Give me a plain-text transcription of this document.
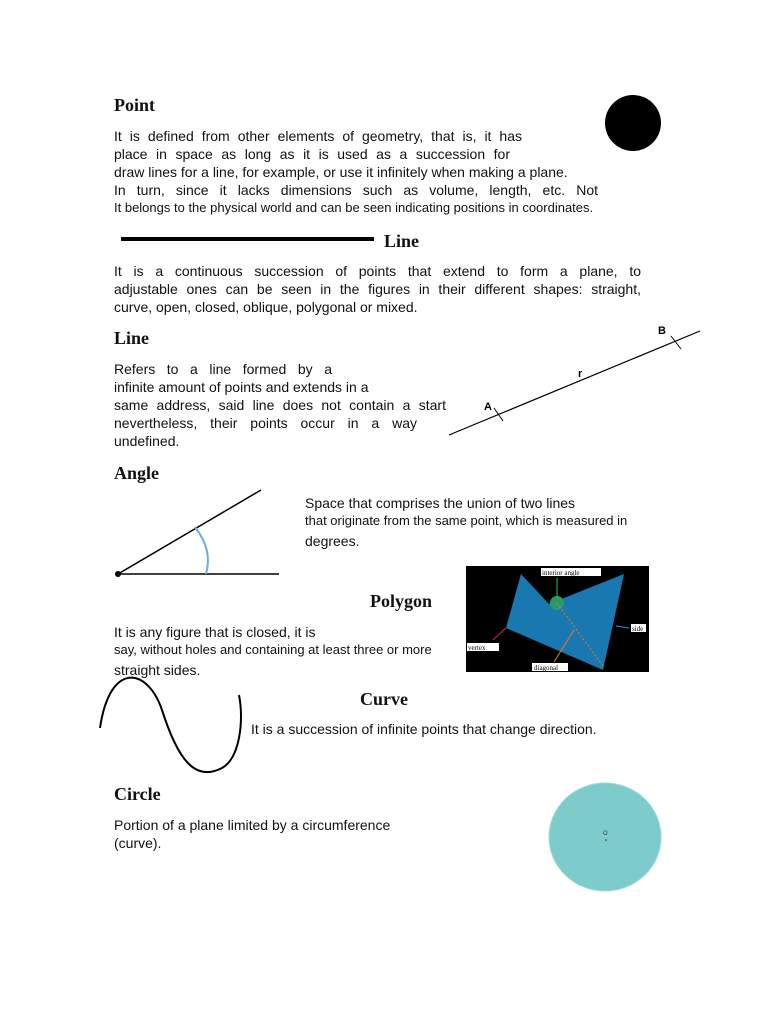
Point
It is defined from other elements of geometry, that is, it has
place in space as long as it is used as a succession for
draw lines for a line, for example, or use it infinitely when making a plane.
In turn, since it lacks dimensions such as volume, length, etc. Not
It belongs to the physical world and can be seen indicating positions in coordinates.
Line
It is a continuous succession of points that extend to form a plane, to
adjustable ones can be seen in the figures in their different shapes: straight,
curve, open, closed, oblique, polygonal or mixed.
Line
Refers to a line formed by a
infinite amount of points and extends in a
same address, said line does not contain a start
nevertheless, their points occur in a way
undefined.
A
B
r
Angle
Space that comprises the union of two lines
that originate from the same point, which is measured in
degrees.
Polygon
interior angle
side
vertex
diagonal
It is any figure that is closed, it is
say, without holes and containing at least three or more
straight sides.
Curve
It is a succession of infinite points that change direction.
Circle
Portion of a plane limited by a circumference
(curve).
O
